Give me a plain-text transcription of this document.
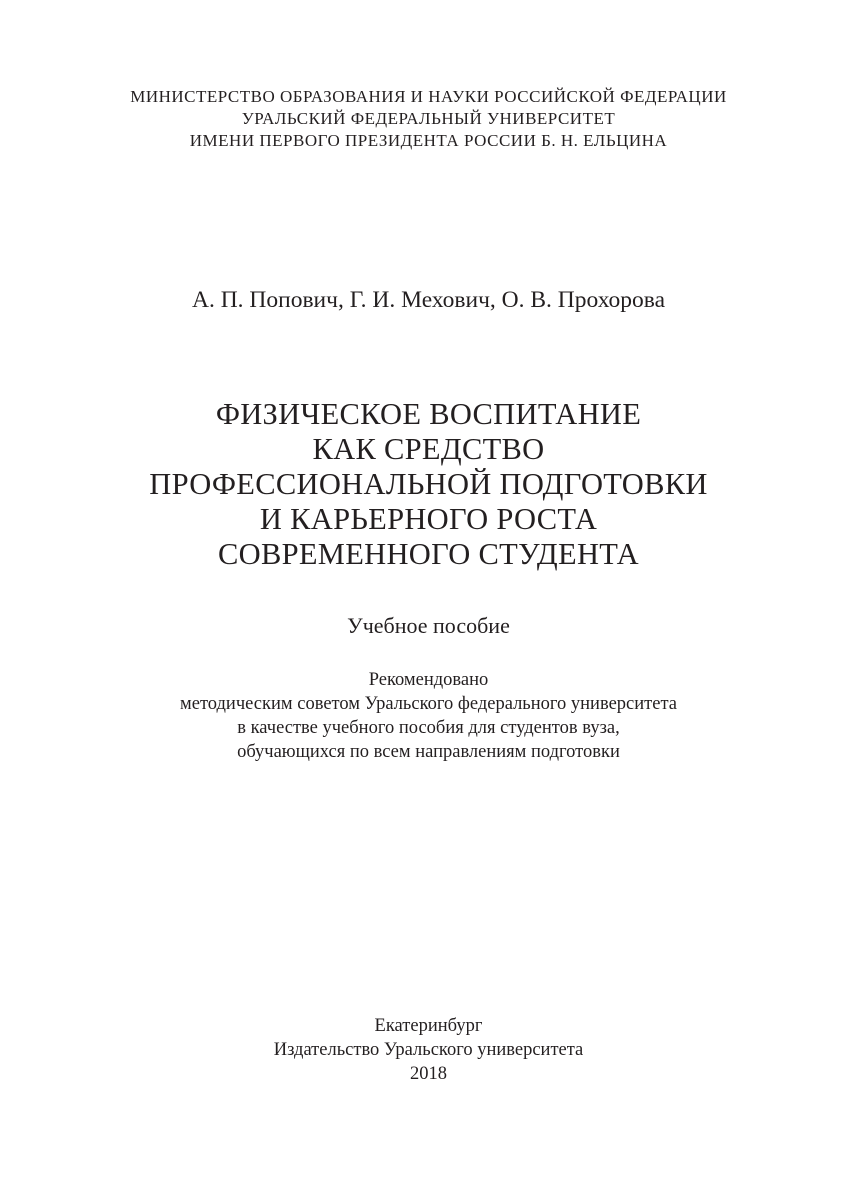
МИНИСТЕРСТВО ОБРАЗОВАНИЯ И НАУКИ РОССИЙСКОЙ ФЕДЕРАЦИИ
УРАЛЬСКИЙ ФЕДЕРАЛЬНЫЙ УНИВЕРСИТЕТ
ИМЕНИ ПЕРВОГО ПРЕЗИДЕНТА РОССИИ Б. Н. ЕЛЬЦИНА
А. П. Попович, Г. И. Мехович, О. В. Прохорова
ФИЗИЧЕСКОЕ ВОСПИТАНИЕ
КАК СРЕДСТВО
ПРОФЕССИОНАЛЬНОЙ ПОДГОТОВКИ
И КАРЬЕРНОГО РОСТА
СОВРЕМЕННОГО СТУДЕНТА
Учебное пособие
Рекомендовано
методическим советом Уральского федерального университета
в качестве учебного пособия для студентов вуза,
обучающихся по всем направлениям подготовки
Екатеринбург
Издательство Уральского университета
2018
